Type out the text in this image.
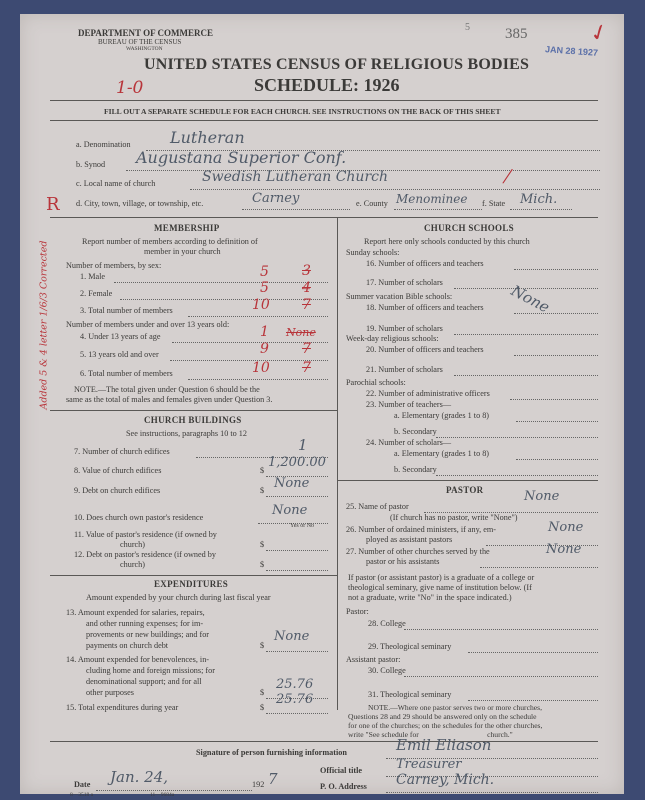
DEPARTMENT OF COMMERCE
BUREAU OF THE CENSUS
WASHINGTON
385
5
JAN 28 1927
✓
1-0
UNITED STATES CENSUS OF RELIGIOUS BODIES
SCHEDULE: 1926
FILL OUT A SEPARATE SCHEDULE FOR EACH CHURCH. SEE INSTRUCTIONS ON THE BACK OF THIS SHEET
a. Denomination Lutheran
b. Synod Augustana Superior Conf.
c. Local name of church	Swedish Lutheran Church	/
d. City, town, village, or township, etc.	Carney	e. County Menominee f. State Mich.
R
Added 5 & 4 letter 1/6/3 Corrected
MEMBERSHIP
Report number of members according to definition of
member in your church
Number of members, by sex:
1. Male	5 3
2. Female	5 4
3. Total number of members	10 7
Number of members under and over 13 years old:
4. Under 13 years of age	1 None
5. 13 years old and over	9 7
6. Total number of members	10 7
NOTE.—The total given under Question 6 should be the
same as the total of males and females given under Question 3.
CHURCH BUILDINGS
See instructions, paragraphs 10 to 12
7. Number of church edifices	1
8. Value of church edifices	$
1,200.00
9. Debt on church edifices	$ None
10. Does church own pastor's residence	None
Yes or No
11. Value of pastor's residence (if owned by
church)	$
12. Debt on pastor's residence (if owned by
church)	$
EXPENDITURES
Amount expended by your church during last fiscal year
13. Amount expended for salaries, repairs,
and other running expenses; for im-
provements or new buildings; and for
payments on church debt	$
None
14. Amount expended for benevolences, in-
cluding home and foreign missions; for
denominational support; and for all
other purposes	$
25.76
15. Total expenditures during year	$
25.76
CHURCH SCHOOLS
Report here only schools conducted by this church
Sunday schools:
16. Number of officers and teachers
17. Number of scholars
Summer vacation Bible schools:
18. Number of officers and teachers
19. Number of scholars
None
Week-day religious schools:
20. Number of officers and teachers
21. Number of scholars
Parochial schools:
22. Number of administrative officers
23. Number of teachers—
a. Elementary (grades 1 to 8)
b. Secondary
24. Number of scholars—
a. Elementary (grades 1 to 8)
b. Secondary
PASTOR
25. Name of pastor
None
(If church has no pastor, write "None")
26. Number of ordained ministers, if any, em-
ployed as assistant pastors
None
27. Number of other churches served by the
pastor or his assistants
None
If pastor (or assistant pastor) is a graduate of a college or
theological seminary, give name of institution below. (If
not a graduate, write "No" in the space indicated.)
Pastor:
28. College
29. Theological seminary
Assistant pastor:
30. College
31. Theological seminary
NOTE.—Where one pastor serves two or more churches,
Questions 28 and 29 should be answered only on the schedule
for one of the churches; on the schedules for the other churches,
write "See schedule for                                    church."
Signature of person furnishing information	Emil Eliason
Official title	Treasurer
Date Jan. 24,	192 7
8—3518 a	11—9684a
P. O. Address Carney, Mich.
